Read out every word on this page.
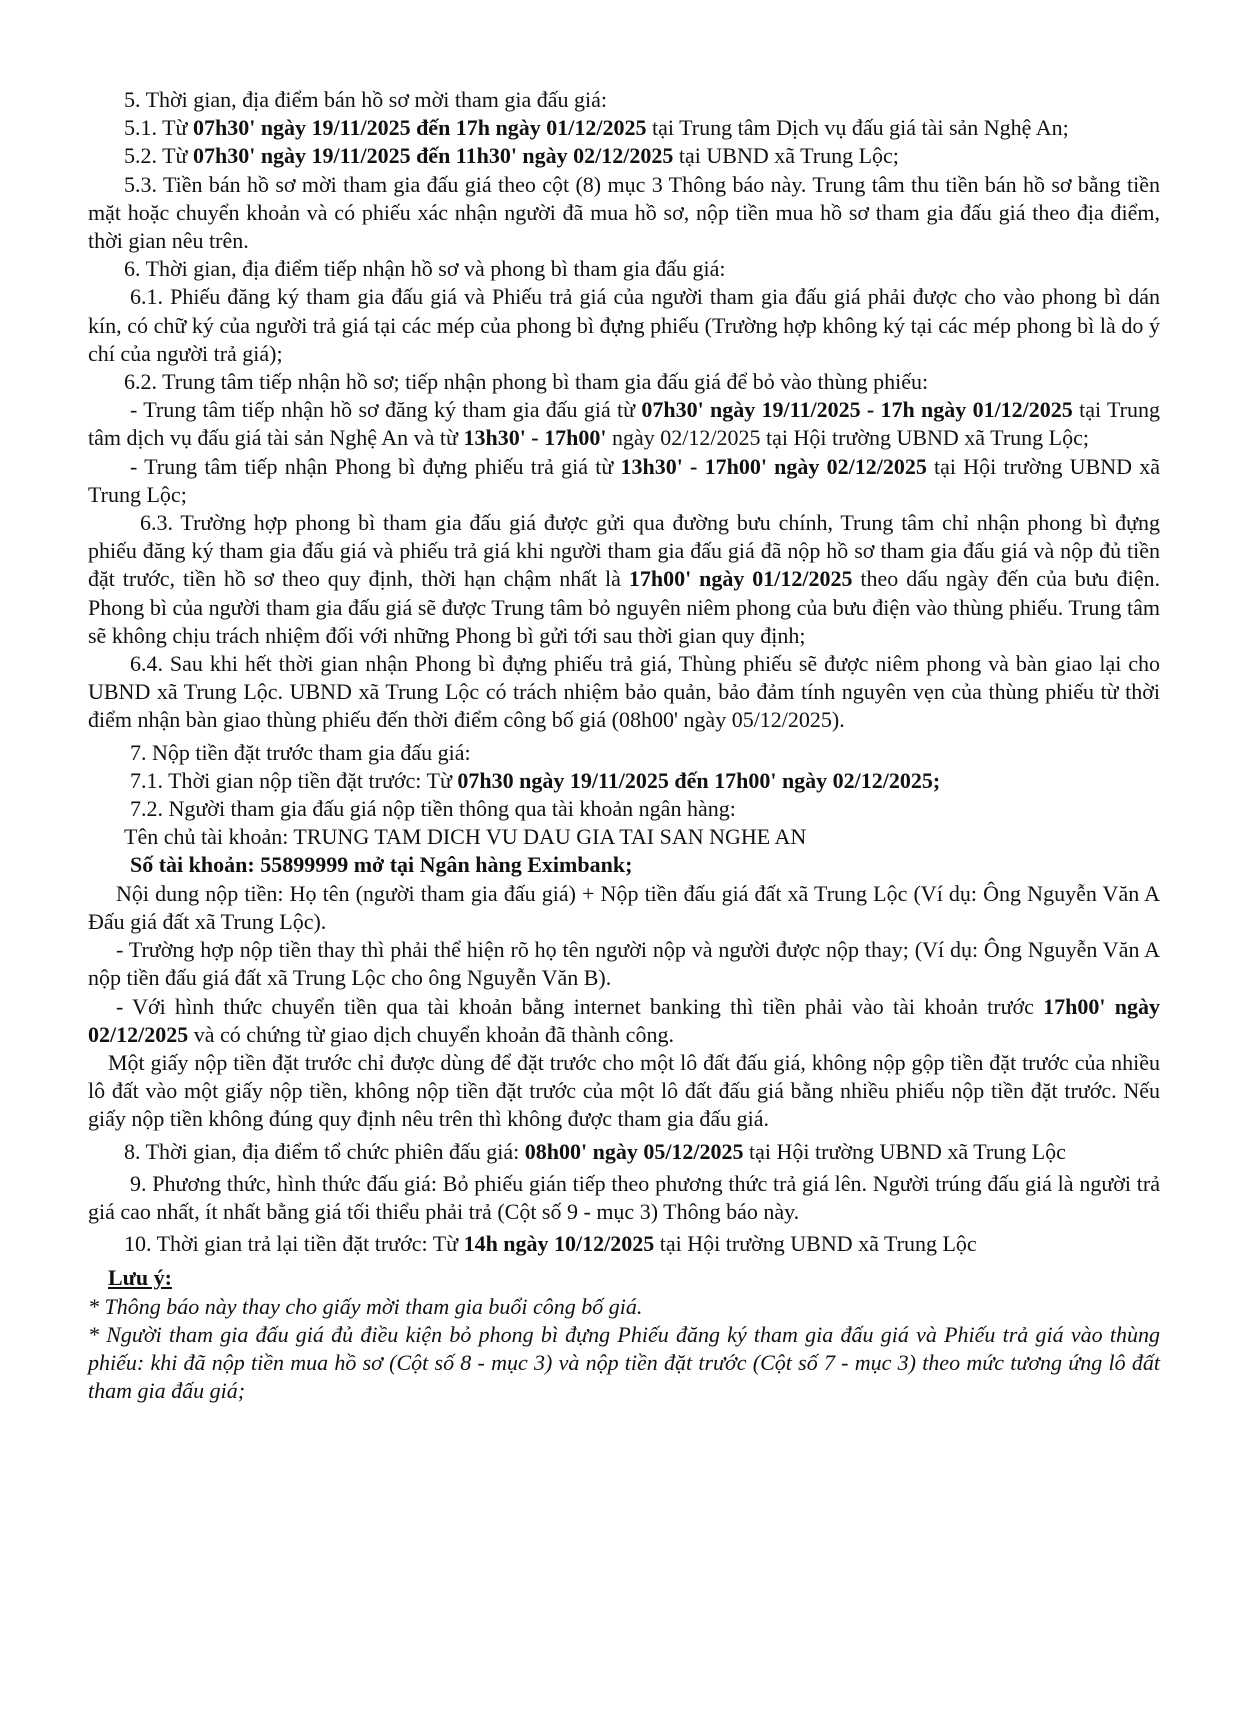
5. Thời gian, địa điểm bán hồ sơ mời tham gia đấu giá:

5.1. Từ 07h30' ngày 19/11/2025 đến 17h ngày 01/12/2025 tại Trung tâm Dịch vụ đấu giá tài sản Nghệ An;

5.2. Từ 07h30' ngày 19/11/2025 đến 11h30' ngày 02/12/2025 tại UBND xã Trung Lộc;

5.3. Tiền bán hồ sơ mời tham gia đấu giá theo cột (8) mục 3 Thông báo này. Trung tâm thu tiền bán hồ sơ bằng tiền mặt hoặc chuyển khoản và có phiếu xác nhận người đã mua hồ sơ, nộp tiền mua hồ sơ tham gia đấu giá theo địa điểm, thời gian nêu trên.

6. Thời gian, địa điểm tiếp nhận hồ sơ và phong bì tham gia đấu giá:

6.1. Phiếu đăng ký tham gia đấu giá và Phiếu trả giá của người tham gia đấu giá phải được cho vào phong bì dán kín, có chữ ký của người trả giá tại các mép của phong bì đựng phiếu (Trường hợp không ký tại các mép phong bì là do ý chí của người trả giá);

6.2. Trung tâm tiếp nhận hồ sơ; tiếp nhận phong bì tham gia đấu giá để bỏ vào thùng phiếu:

- Trung tâm tiếp nhận hồ sơ đăng ký tham gia đấu giá từ 07h30' ngày 19/11/2025 - 17h ngày 01/12/2025 tại Trung tâm dịch vụ đấu giá tài sản Nghệ An và từ 13h30' - 17h00' ngày 02/12/2025 tại Hội trường UBND xã Trung Lộc;

- Trung tâm tiếp nhận Phong bì đựng phiếu trả giá từ 13h30' - 17h00' ngày 02/12/2025 tại Hội trường UBND xã Trung Lộc;

6.3. Trường hợp phong bì tham gia đấu giá được gửi qua đường bưu chính, Trung tâm chỉ nhận phong bì đựng phiếu đăng ký tham gia đấu giá và phiếu trả giá khi người tham gia đấu giá đã nộp hồ sơ tham gia đấu giá và nộp đủ tiền đặt trước, tiền hồ sơ theo quy định, thời hạn chậm nhất là 17h00' ngày 01/12/2025 theo dấu ngày đến của bưu điện. Phong bì của người tham gia đấu giá sẽ được Trung tâm bỏ nguyên niêm phong của bưu điện vào thùng phiếu. Trung tâm sẽ không chịu trách nhiệm đối với những Phong bì gửi tới sau thời gian quy định;

6.4. Sau khi hết thời gian nhận Phong bì đựng phiếu trả giá, Thùng phiếu sẽ được niêm phong và bàn giao lại cho UBND xã Trung Lộc. UBND xã Trung Lộc có trách nhiệm bảo quản, bảo đảm tính nguyên vẹn của thùng phiếu từ thời điểm nhận bàn giao thùng phiếu đến thời điểm công bố giá (08h00' ngày 05/12/2025).

7. Nộp tiền đặt trước tham gia đấu giá:

7.1. Thời gian nộp tiền đặt trước: Từ 07h30 ngày 19/11/2025 đến 17h00' ngày 02/12/2025;

7.2. Người tham gia đấu giá nộp tiền thông qua tài khoản ngân hàng:

Tên chủ tài khoản: TRUNG TAM DICH VU DAU GIA TAI SAN NGHE AN

Số tài khoản: 55899999 mở tại Ngân hàng Eximbank;

Nội dung nộp tiền: Họ tên (người tham gia đấu giá) + Nộp tiền đấu giá đất xã Trung Lộc (Ví dụ: Ông Nguyễn Văn A Đấu giá đất xã Trung Lộc).

- Trường hợp nộp tiền thay thì phải thể hiện rõ họ tên người nộp và người được nộp thay; (Ví dụ: Ông Nguyễn Văn A nộp tiền đấu giá đất xã Trung Lộc cho ông Nguyễn Văn B).

- Với hình thức chuyển tiền qua tài khoản bằng internet banking thì tiền phải vào tài khoản trước 17h00' ngày 02/12/2025 và có chứng từ giao dịch chuyển khoản đã thành công.

Một giấy nộp tiền đặt trước chỉ được dùng để đặt trước cho một lô đất đấu giá, không nộp gộp tiền đặt trước của nhiều lô đất vào một giấy nộp tiền, không nộp tiền đặt trước của một lô đất đấu giá bằng nhiều phiếu nộp tiền đặt trước. Nếu giấy nộp tiền không đúng quy định nêu trên thì không được tham gia đấu giá.

8. Thời gian, địa điểm tổ chức phiên đấu giá: 08h00' ngày 05/12/2025 tại Hội trường UBND xã Trung Lộc

9. Phương thức, hình thức đấu giá: Bỏ phiếu gián tiếp theo phương thức trả giá lên. Người trúng đấu giá là người trả giá cao nhất, ít nhất bằng giá tối thiểu phải trả (Cột số 9 - mục 3) Thông báo này.

10. Thời gian trả lại tiền đặt trước: Từ 14h ngày 10/12/2025 tại Hội trường UBND xã Trung Lộc

Lưu ý:

* Thông báo này thay cho giấy mời tham gia buổi công bố giá.

* Người tham gia đấu giá đủ điều kiện bỏ phong bì đựng Phiếu đăng ký tham gia đấu giá và Phiếu trả giá vào thùng phiếu: khi đã nộp tiền mua hồ sơ (Cột số 8 - mục 3) và nộp tiền đặt trước (Cột số 7 - mục 3) theo mức tương ứng lô đất tham gia đấu giá;
